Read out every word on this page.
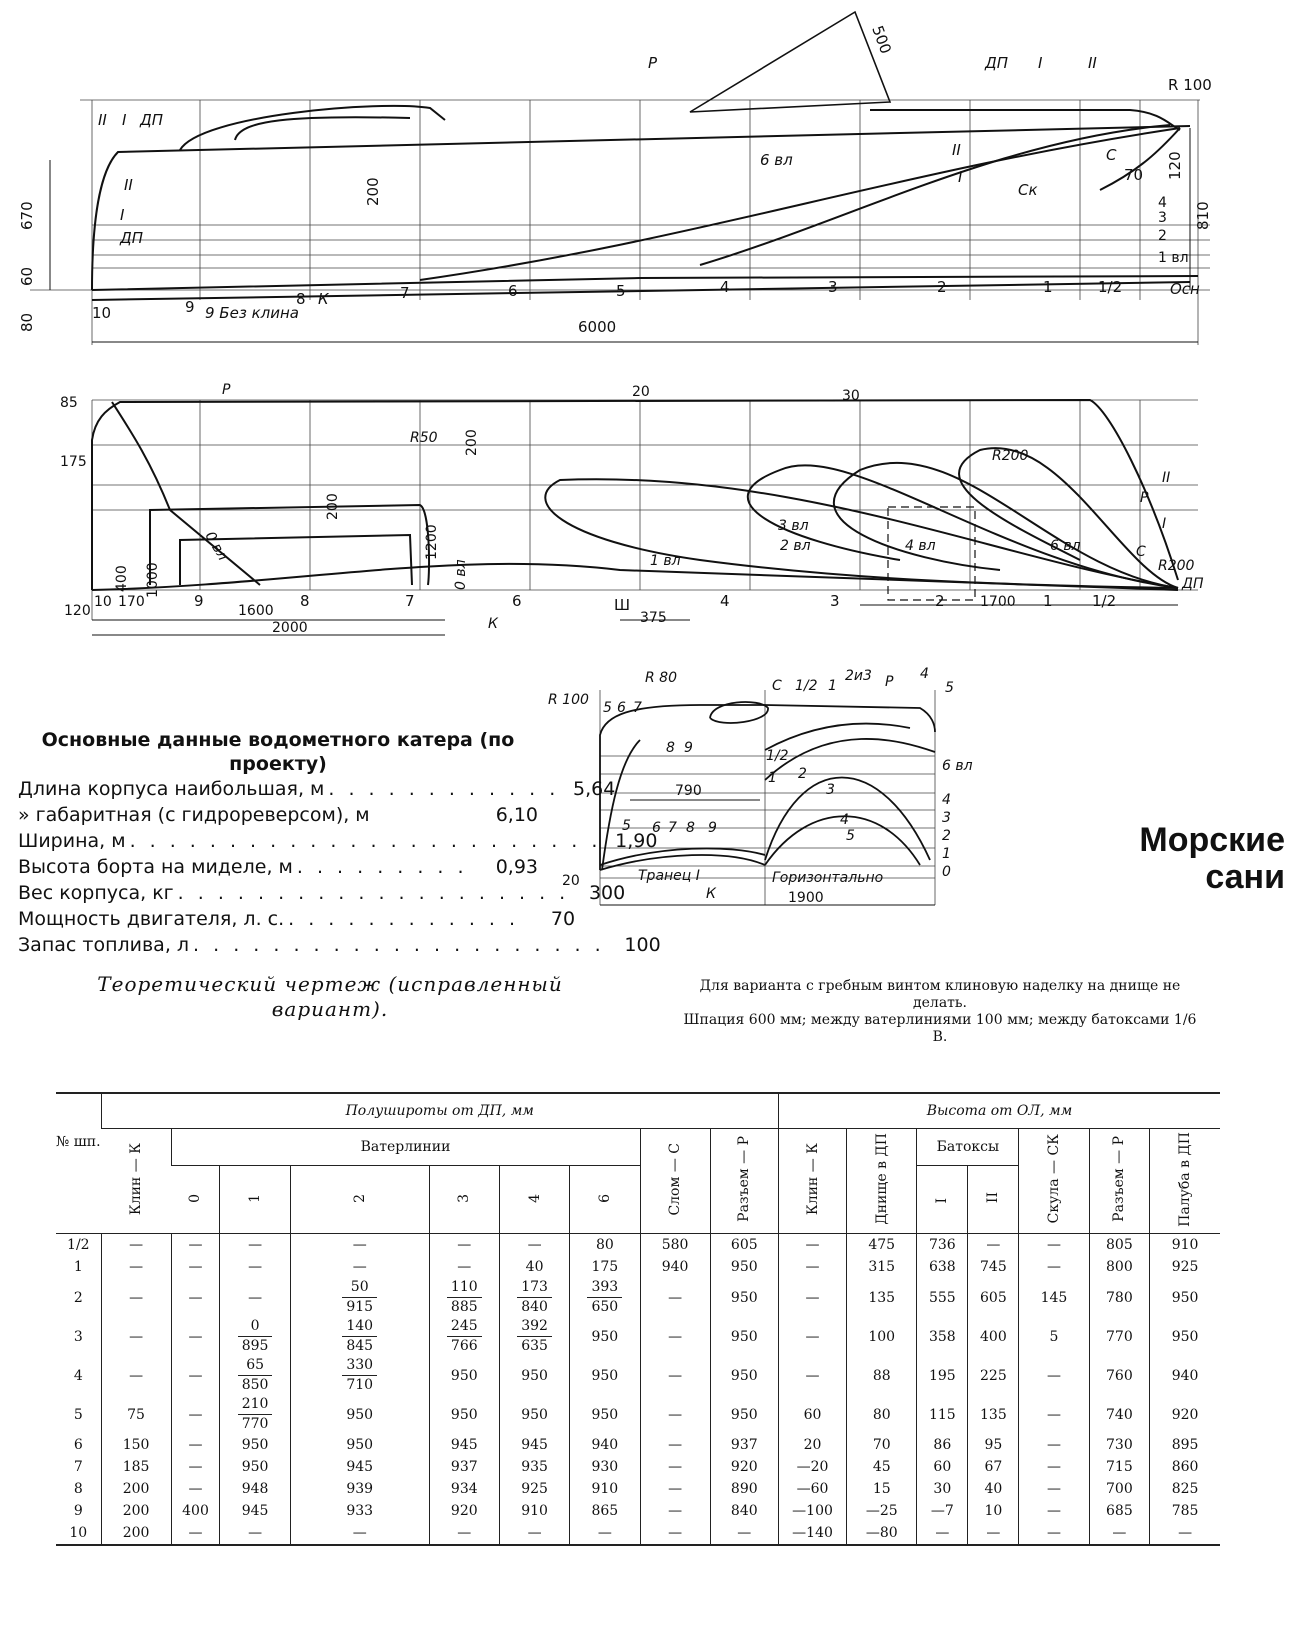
10	9	8	7	6	5	4	3	2	1	1/2
Р
II I ДП
II
I
ДП
ДП I	II
6 вл
II
I
Ск
С
К
9 Без клина
Осн
4
3
2
1 вл
6000
670
60
80
200
500
810
120
70
R 100
9	8	7	6	4	3	2	1	1/2
Ш
Р
R50
R200
R200
ДП
II
I
Р
С
К
0 вл
0 вл	1 вл
2 вл
3 вл
4 вл	6 вл
85
175
120
10 170
1600
2000
400 1000
1200
200
200
20	30
375
1700
R 100
R 80	С 1/2 1
2и3 Р 4
5
6 вл
Транец I	Горизонтально
К
790
20
1900
5 6 7
8 9
5 6 7 8 9
1/2
1 2
3
4
5
4
3
2
1
0
Основные данные водометного катера (по проекту)
Длина корпуса наибольшая, м . . . . . . . . . . . . 5,64
» габаритная (с гидрореверсом), м	6,10
Ширина, м . . . . . . . . . . . . . . . . . . . . . . . . 1,90
Высота борта на миделе, м . . . . . . . . .	0,93
Вес корпуса, кг . . . . . . . . . . . . . . . . . . . .	300
Мощность двигателя, л. с. . . . . . . . . . . . .	70
Запас топлива, л . . . . . . . . . . . . . . . . . . . . .	100
Теоретический чертеж (исправленный вариант).
Для варианта с гребным винтом клиновую наделку на днище не делать.
Шпация 600 мм; между ватерлиниями 100 мм; между батоксами 1/6 В.
Морские
сани
№ шп.	Полушироты от ДП, мм									Высота от ОЛ, мм						
	Клин — К	Ватерлинии						Слом — С	Разъем — Р	Клин — К	Днище в ДП	Батоксы		Скула — СК	Разъем — Р	Палуба в ДП
		0	1	2	3	4	6					I	II			
1/2	—	—	—	—	—	—	80	580	605	—	475	736	—	—	805	910
1	—	—	—	—	—	40	175	940	950	—	315	638	745	—	800	925
2	—	—	—	$\frac{50}{915}$	$\frac{110}{885}$	$\frac{173}{840}$	$\frac{393}{650}$	—	950	—	135	555	605	145	780	950
3	—	—	$\frac{0}{895}$	$\frac{140}{845}$	$\frac{245}{766}$	$\frac{392}{635}$	950	—	950	—	100	358	400	5	770	950
4	—	—	$\frac{65}{850}$	$\frac{330}{710}$	950	950	950	—	950	—	88	195	225	—	760	940
5	75	—	$\frac{210}{770}$	950	950	950	950	—	950	60	80	115	135	—	740	920
6	150	—	950	950	945	945	940	—	937	20	70	86	95	—	730	895
7	185	—	950	945	937	935	930	—	920	—20	45	60	67	—	715	860
8	200	—	948	939	934	925	910	—	890	—60	15	30	40	—	700	825
9	200	400	945	933	920	910	865	—	840	—100	—25	—7	10	—	685	785
10	200	—	—	—	—	—	—	—	—	—140	—80	—	—	—	—	—
